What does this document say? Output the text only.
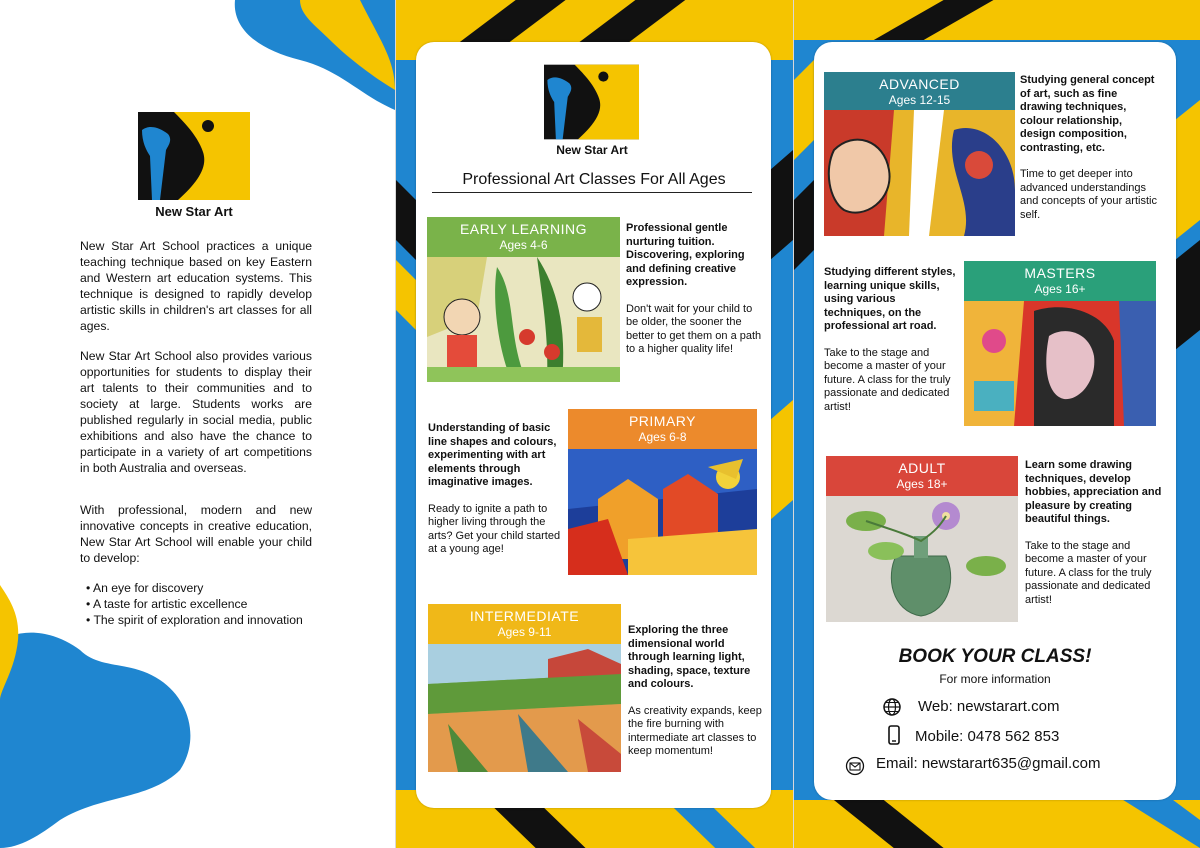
New Star Art
New Star Art School practices a unique teaching technique based on key Eastern and Western art education systems. This technique is designed to rapidly develop artistic skills in children's art classes for all ages.
New Star Art School also provides various opportunities for students to display their art talents to their communities and to society at large. Students works are published regularly in social media, public exhibitions and also have the chance to participate in a variety of art competitions in both Australia and overseas.
With professional, modern and new innovative concepts in creative education, New Star Art School will enable your child to develop:
• An eye for discovery
• A taste for artistic excellence
• The spirit of exploration and innovation
New Star Art
Professional Art Classes For All Ages
EARLY LEARNING
Ages 4-6

Professional gentle nurturing tuition. Discovering, exploring and defining creative expression.

Don't wait for your child to be older, the sooner the better to get them on a path to a higher quality life!

Understanding of basic line shapes and colours, experimenting with art elements through imaginative images.

Ready to ignite a path to higher living through the arts? Get your child started at a young age!

PRIMARY
Ages 6-8
INTERMEDIATE
Ages 9-11	Exploring the three dimensional world through learning light, shading, space, texture and colours.

As creativity expands, keep the fire burning with intermediate art classes to keep momentum!

ADVANCED
Ages 12-15

Studying general concept of art, such as fine drawing techniques, colour relationship, design composition, contrasting, etc.

Time to get deeper into advanced understandings and concepts of your artistic self.

Studying different styles, learning unique skills, using various techniques, on the professional art road.

Take to the stage and become a master of your future. A class for the truly passionate and dedicated artist!

MASTERS
Ages 16+
ADULT
Ages 18+

Learn some drawing techniques, develop hobbies, appreciation and pleasure by creating beautiful things.

Take to the stage and become a master of your future. A class for the truly passionate and dedicated artist!

BOOK YOUR CLASS!
For more information
Web: newstarart.com
Mobile: 0478 562 853
Email: newstarart635@gmail.com
